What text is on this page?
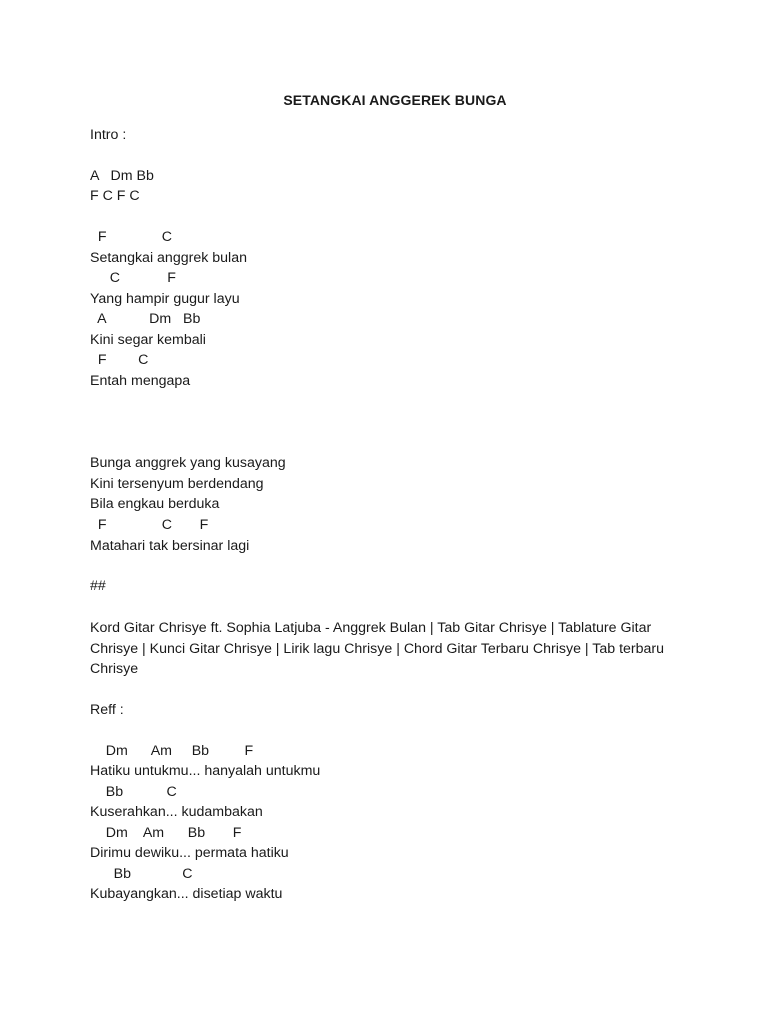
SETANGKAI ANGGEREK BUNGA
Intro :
A   Dm Bb
F C F C
F              C
Setangkai anggrek bulan
C            F
Yang hampir gugur layu
A           Dm   Bb
Kini segar kembali
F        C
Entah mengapa
Bunga anggrek yang kusayang
Kini tersenyum berdendang
Bila engkau berduka
F              C       F
Matahari tak bersinar lagi
##
Kord Gitar Chrisye ft. Sophia Latjuba - Anggrek Bulan | Tab Gitar Chrisye | Tablature Gitar Chrisye | Kunci Gitar Chrisye | Lirik lagu Chrisye | Chord Gitar Terbaru Chrisye | Tab terbaru Chrisye
Reff :
Dm      Am     Bb         F
Hatiku untukmu... hanyalah untukmu
Bb           C
Kuserahkan... kudambakan
Dm    Am      Bb       F
Dirimu dewiku... permata hatiku
Bb             C
Kubayangkan... disetiap waktu
